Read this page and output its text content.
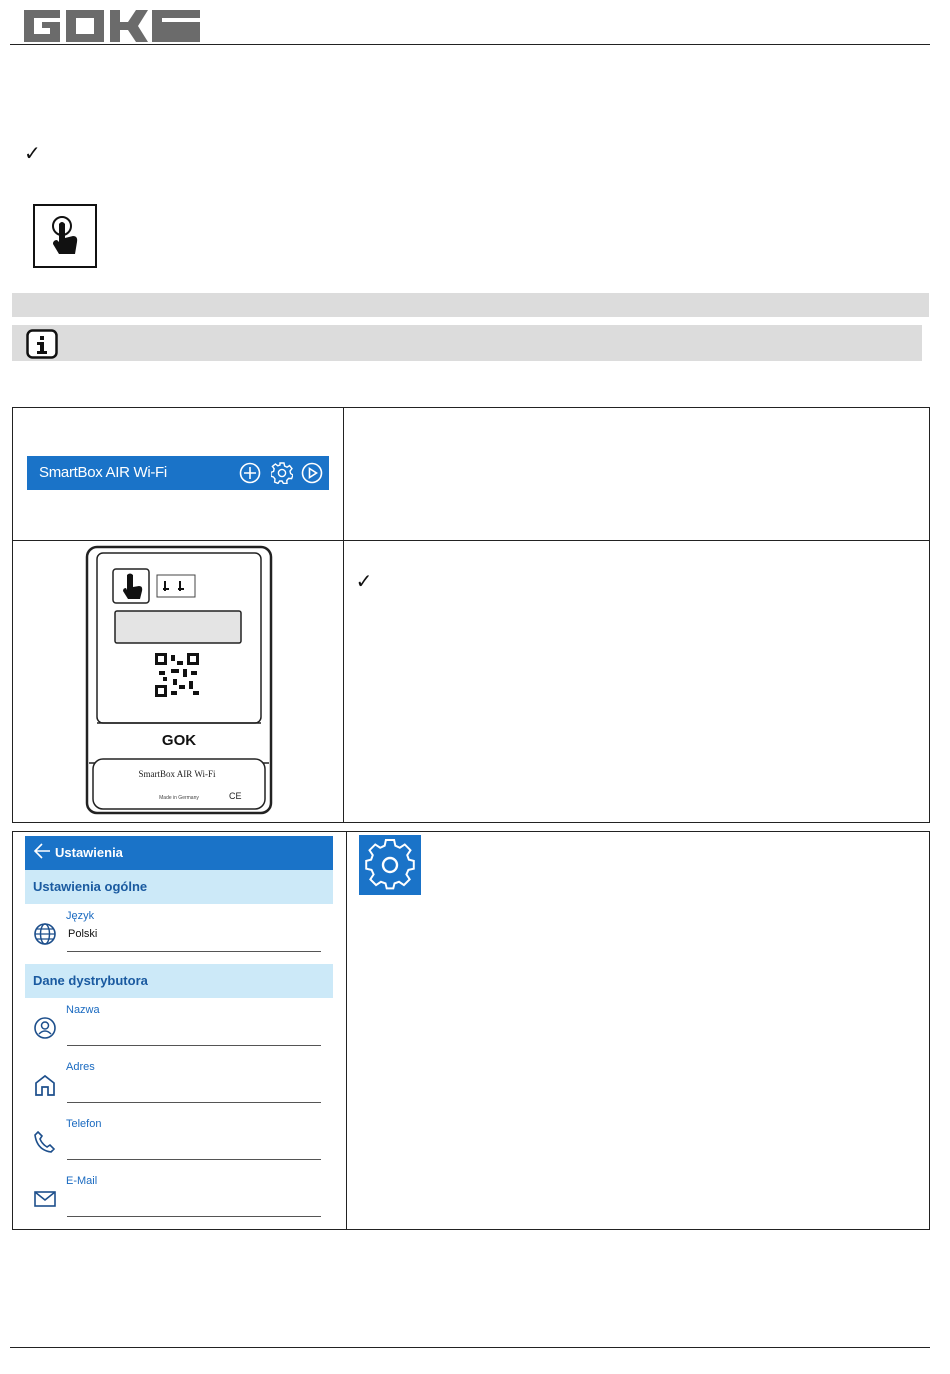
✓
SmartBox AIR Wi-Fi	

GOK
SmartBox AIR Wi-Fi
Made in Germany CE	✓
Ustawienia
Ustawienia ogólne
Język
Polski
Dane dystrybutora
Nazwa
Adres
Telefon
E-Mail
